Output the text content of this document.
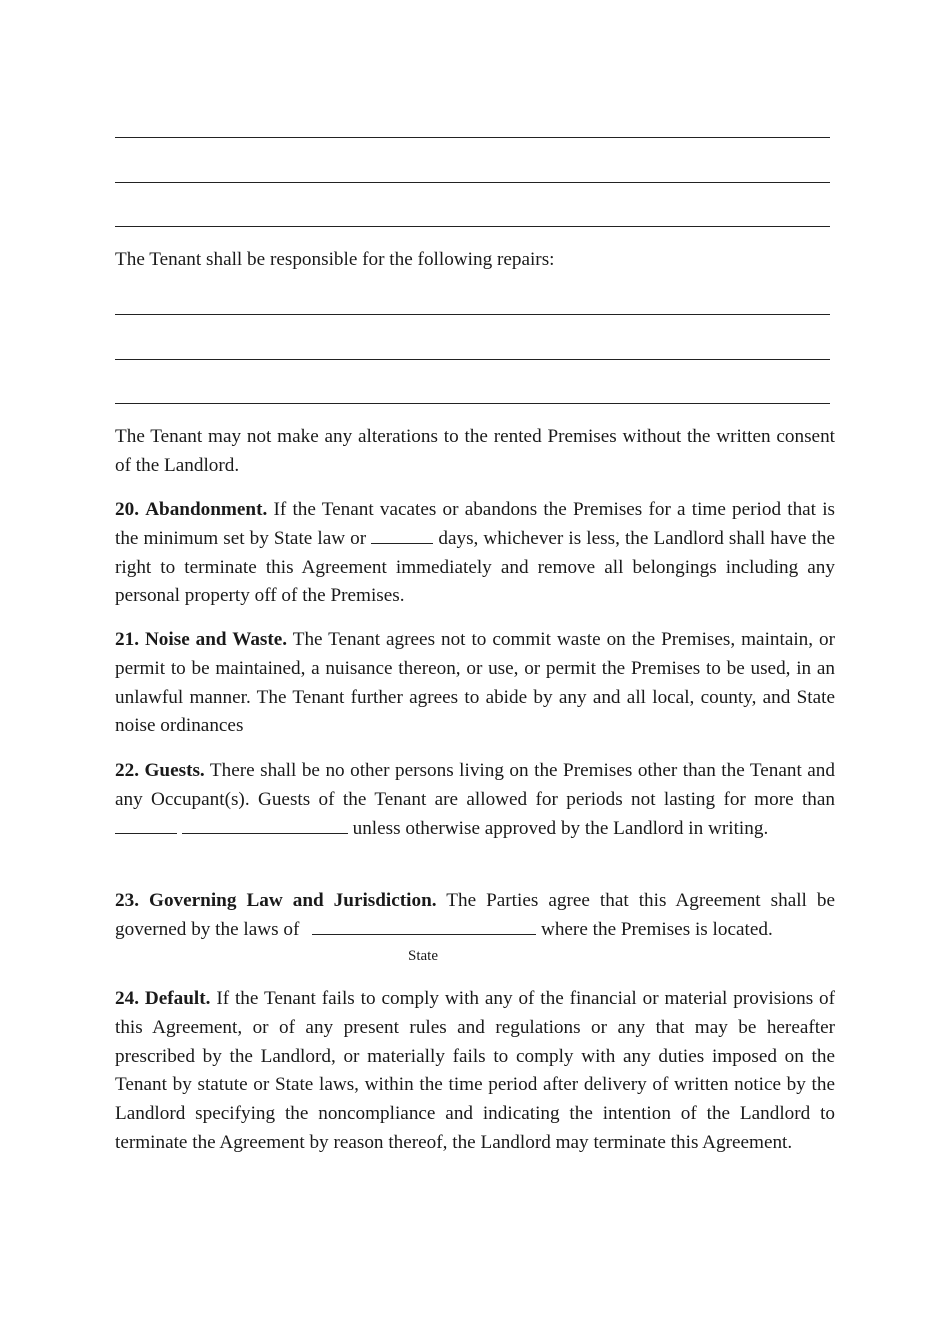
The Tenant shall be responsible for the following repairs:

The Tenant may not make any alterations to the rented Premises without the written consent of the Landlord.

20. Abandonment. If the Tenant vacates or abandons the Premises for a time period that is the minimum set by State law or	days, whichever is less, the Landlord shall have the right to terminate this Agreement immediately and remove all belongings including any personal property off of the Premises.

21. Noise and Waste. The Tenant agrees not to commit waste on the Premises, maintain, or permit to be maintained, a nuisance thereon, or use, or permit the Premises to be used, in an unlawful manner. The Tenant further agrees to abide by any and all local, county, and State noise ordinances

22. Guests. There shall be no other persons living on the Premises other than the Tenant and any Occupant(s). Guests of the Tenant are allowed for periods not lasting for more than   unless otherwise approved by the Landlord in writing.

23. Governing Law and Jurisdiction. The Parties agree that this Agreement shall be governed by the laws of	where the Premises is located.

State

24. Default. If the Tenant fails to comply with any of the financial or material provisions of this Agreement, or of any present rules and regulations or any that may be hereafter prescribed by the Landlord, or materially fails to comply with any duties imposed on the Tenant by statute or State laws, within the time period after delivery of written notice by the Landlord specifying the noncompliance and indicating the intention of the Landlord to terminate the Agreement by reason thereof, the Landlord may terminate this Agreement.
